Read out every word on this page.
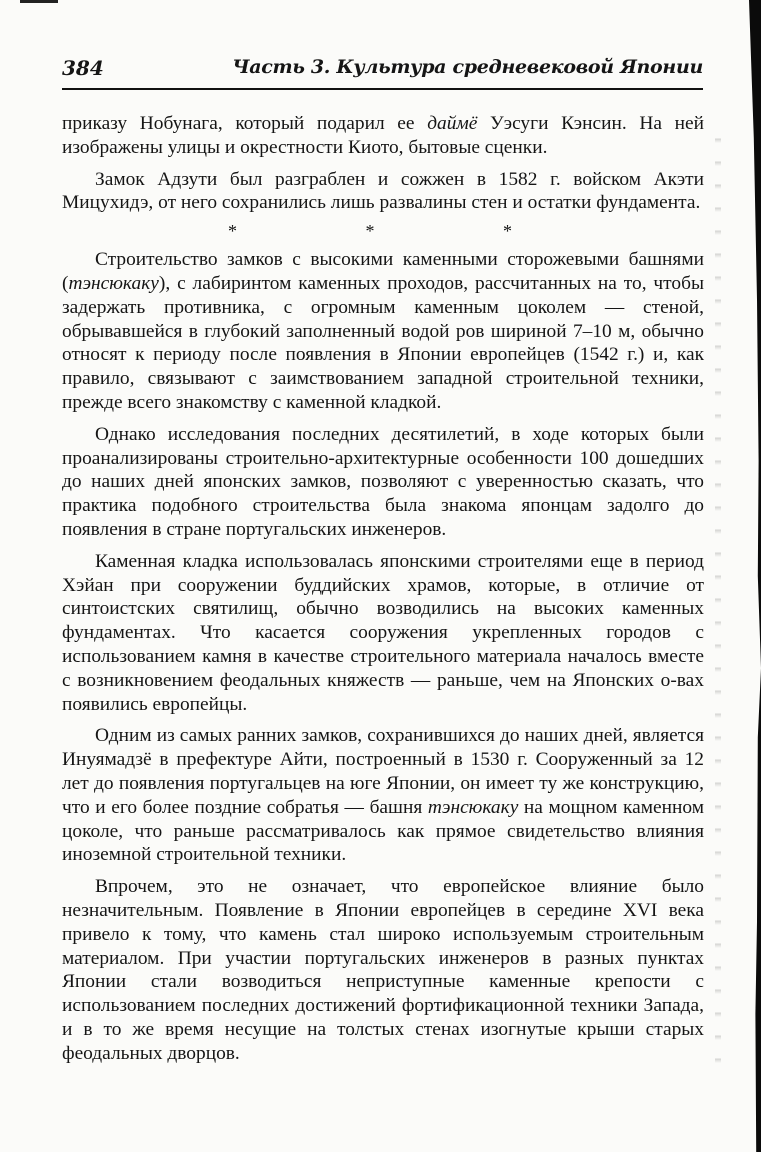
384	Часть 3. Культура средневековой Японии

приказу Нобунага, который подарил ее даймё Уэсуги Кэнсин. На ней изображены улицы и окрестности Киото, бытовые сценки.

Замок Адзути был разграблен и сожжен в 1582 г. войском Акэти Мицухидэ, от него сохранились лишь развалины стен и остатки фундамента.

* * *

Строительство замков с высокими каменными сторожевыми башнями (тэнсюкаку), с лабиринтом каменных проходов, рассчитанных на то, чтобы задержать противника, с огромным каменным цоколем — стеной, обрывавшейся в глубокий заполненный водой ров шириной 7–10 м, обычно относят к периоду после появления в Японии европейцев (1542 г.) и, как правило, связывают с заимствованием западной строительной техники, прежде всего знакомству с каменной кладкой.

Однако исследования последних десятилетий, в ходе которых были проанализированы строительно-архитектурные особенности 100 дошедших до наших дней японских замков, позволяют с уверенностью сказать, что практика подобного строительства была знакома японцам задолго до появления в стране португальских инженеров.

Каменная кладка использовалась японскими строителями еще в период Хэйан при сооружении буддийских храмов, которые, в отличие от синтоистских святилищ, обычно возводились на высоких каменных фундаментах. Что касается сооружения укрепленных городов с использованием камня в качестве строительного материала началось вместе с возникновением феодальных княжеств — раньше, чем на Японских о-вах появились европейцы.

Одним из самых ранних замков, сохранившихся до наших дней, является Инуямадзё в префектуре Айти, построенный в 1530 г. Сооруженный за 12 лет до появления португальцев на юге Японии, он имеет ту же конструкцию, что и его более поздние собратья — башня тэнсюкаку на мощном каменном цоколе, что раньше рассматривалось как прямое свидетельство влияния иноземной строительной техники.

Впрочем, это не означает, что европейское влияние было незначительным. Появление в Японии европейцев в середине XVI века привело к тому, что камень стал широко используемым строительным материалом. При участии португальских инженеров в разных пунктах Японии стали возводиться неприступные каменные крепости с использованием последних достижений фортификационной техники Запада, и в то же время несущие на толстых стенах изогнутые крыши старых феодальных дворцов.
